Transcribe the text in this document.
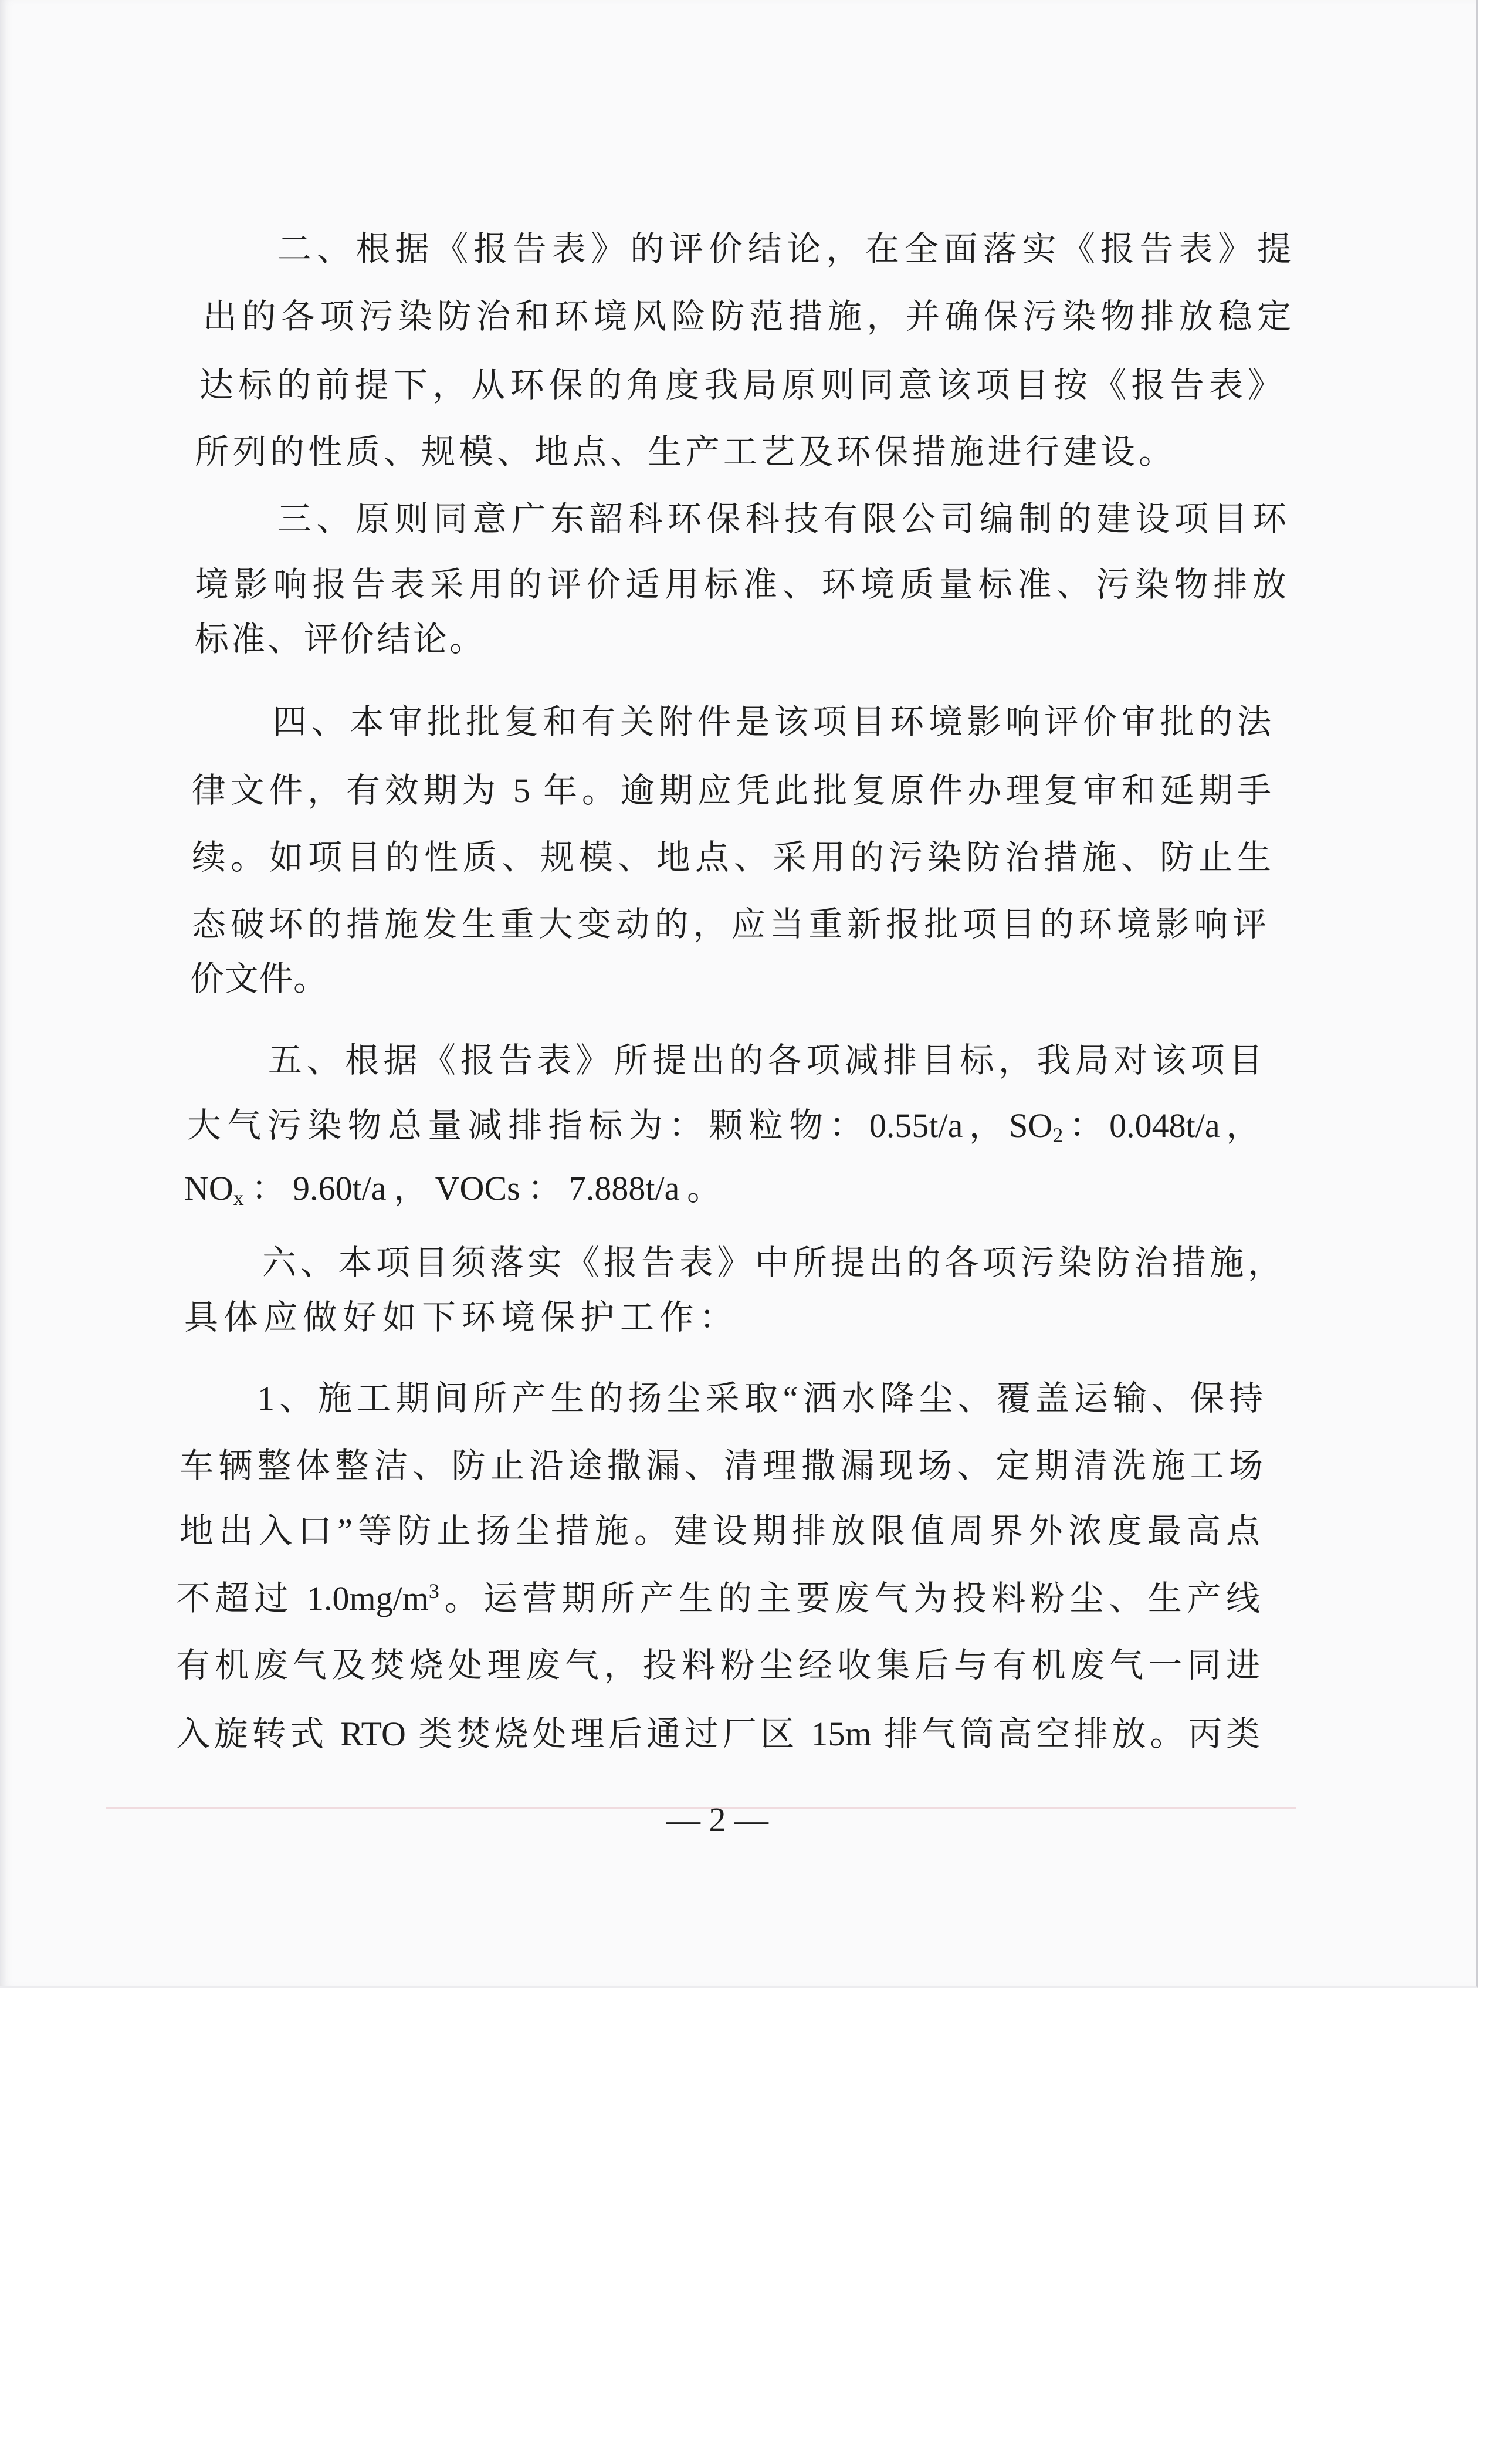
二、根据《报告表》的评价结论，在全面落实《报告表》提
出的各项污染防治和环境风险防范措施，并确保污染物排放稳定
达标的前提下，从环保的角度我局原则同意该项目按《报告表》
所列的性质、规模、地点、生产工艺及环保措施进行建设。
三、原则同意广东韶科环保科技有限公司编制的建设项目环
境影响报告表采用的评价适用标准、环境质量标准、污染物排放
标准、评价结论。
四、本审批批复和有关附件是该项目环境影响评价审批的法
律文件，有效期为 5 年。逾期应凭此批复原件办理复审和延期手
续。如项目的性质、规模、地点、采用的污染防治措施、防止生
态破坏的措施发生重大变动的，应当重新报批项目的环境影响评
价文件。
五、根据《报告表》所提出的各项减排目标，我局对该项目
大气污染物总量减排指标为：颗粒物：0.55t/a，$SO_2$：0.048t/a，
$NO_x$：9.60t/a，VOCs：7.888t/a。
六、本项目须落实《报告表》中所提出的各项污染防治措施，
具体应做好如下环境保护工作：
1、施工期间所产生的扬尘采取“洒水降尘、覆盖运输、保持
车辆整体整洁、防止沿途撒漏、清理撒漏现场、定期清洗施工场
地出入口”等防止扬尘措施。建设期排放限值周界外浓度最高点
不超过 $1.0mg/m^3$。运营期所产生的主要废气为投料粉尘、生产线
有机废气及焚烧处理废气，投料粉尘经收集后与有机废气一同进
入旋转式 RTO 类焚烧处理后通过厂区 15m 排气筒高空排放。丙类
— 2 —
